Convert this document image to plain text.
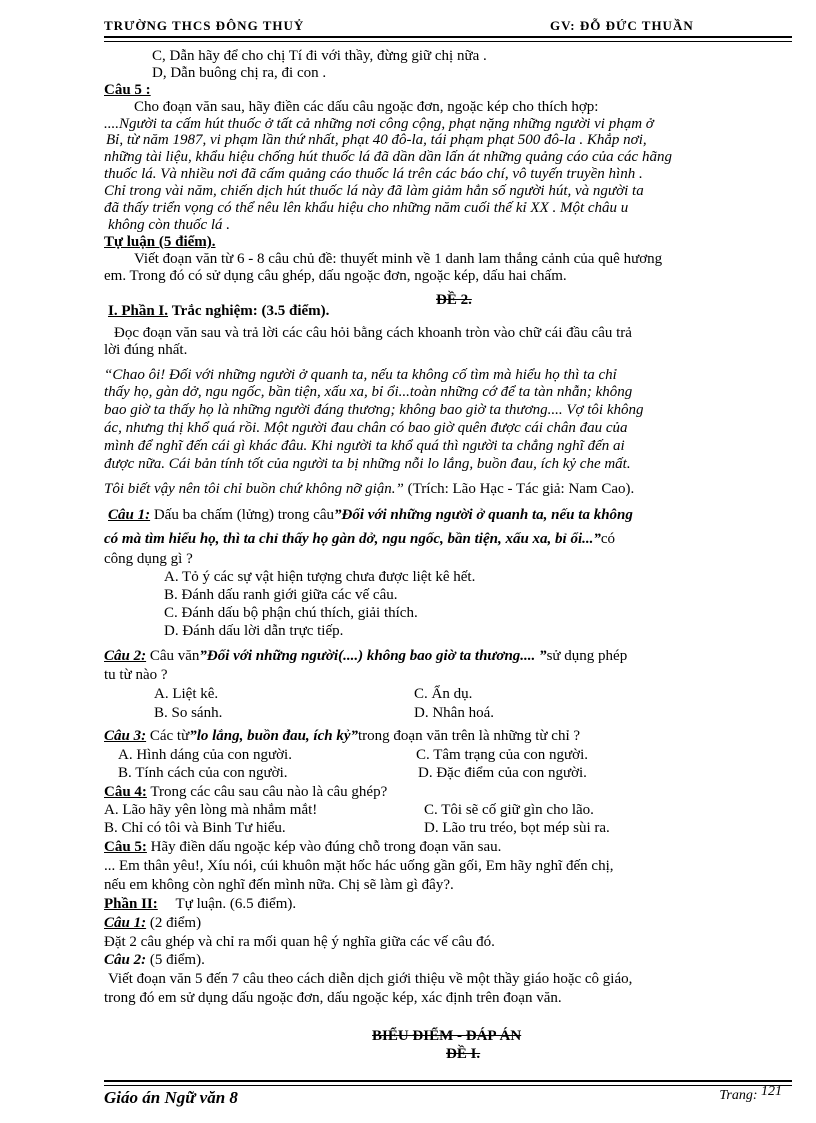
TRƯỜNG THCS ĐÔNG THUỶ	GV: ĐỖ ĐỨC THUẦN
C, Dẫn hãy để cho chị Tí đi với thầy, đừng giữ chị nữa .
D, Dẫn buông chị ra, đi con .
Câu 5 :
Cho đoạn văn sau, hãy điền các dấu câu ngoặc đơn, ngoặc kép cho thích hợp:
....Người ta cấm hút thuốc ở tất cả những nơi công cộng, phạt nặng những người vi phạm ở
Bỉ, từ năm 1987, vi phạm lần thứ nhất, phạt 40 đô-la, tái phạm phạt 500 đô-la . Khắp nơi,
những tài liệu, khẩu hiệu chống hút thuốc lá đã dần dần lấn át những quảng cáo của các hãng
thuốc lá. Và nhiều nơi đã cấm quảng cáo thuốc lá trên các báo chí, vô tuyến truyền hình .
Chỉ trong vài năm, chiến dịch hút thuốc lá này đã làm giảm hẳn số người hút, và người ta
đã thấy triển vọng có thể nêu lên khẩu hiệu cho những năm cuối thế kỉ XX . Một châu u
không còn thuốc lá .
Tự luận (5 điểm).
Viết đoạn văn từ 6 - 8 câu chủ đề: thuyết minh về 1 danh lam thắng cảnh của quê hương
em. Trong đó có sử dụng câu ghép, dấu ngoặc đơn, ngoặc kép, dấu hai chấm.
ĐỀ 2.
I. Phần I. Trắc nghiệm: (3.5 điểm).
Đọc đoạn văn sau và trả lời các câu hỏi bằng cách khoanh tròn vào chữ cái đầu câu trả
lời đúng nhất.
“Chao ôi! Đối với những người ở quanh ta, nếu ta không cố tìm mà hiểu họ thì ta chỉ
thấy họ, gàn dở, ngu ngốc, bần tiện, xấu xa, bỉ ổi...toàn những cớ để ta tàn nhẫn; không
bao giờ ta thấy họ là những người đáng thương; không bao giờ ta thương.... Vợ tôi không
ác, nhưng thị khổ quá rồi. Một người đau chân có bao giờ quên được cái chân đau của
mình để nghĩ đến cái gì khác đâu. Khi người ta khổ quá thì người ta chẳng nghĩ đến ai
được nữa. Cái bản tính tốt của người ta bị những nỗi lo lắng, buồn đau, ích kỷ che mất.
Tôi biết vậy nên tôi chỉ buồn chứ không nỡ giận.” (Trích: Lão Hạc - Tác giả: Nam Cao).
Câu 1: Dấu ba chấm (lửng) trong câu”Đối với những người ở quanh ta, nếu ta không
có mà tìm hiểu họ, thì ta chỉ thấy họ gàn dở, ngu ngốc, bần tiện, xấu xa, bỉ ổi...”có
công dụng gì ?
A. Tỏ ý các sự vật hiện tượng chưa được liệt kê hết.
B. Đánh dấu ranh giới giữa các vế câu.
C. Đánh dấu bộ phận chú thích, giải thích.
D. Đánh dấu lời dẫn trực tiếp.
Câu 2: Câu văn”Đối với những người(....) không bao giờ ta thương.... ”sử dụng phép
tu từ nào ?
A. Liệt kê.	C. Ẩn dụ.
B. So sánh.	D. Nhân hoá.
Câu 3: Các từ”lo lắng, buồn đau, ích kỷ”trong đoạn văn trên là những từ chỉ ?
A. Hình dáng của con người.	C. Tâm trạng của con người.
B. Tính cách của con người.	D. Đặc điểm của con người.
Câu 4: Trong các câu sau câu nào là câu ghép?
A. Lão hãy yên lòng mà nhắm mắt!	C. Tôi sẽ cố giữ gìn cho lão.
B. Chỉ có tôi và Binh Tư hiểu.	D. Lão tru tréo, bọt mép sùi ra.
Câu 5: Hãy điền dấu ngoặc kép vào đúng chỗ trong đoạn văn sau.
... Em thân yêu!, Xíu nói, cúi khuôn mặt hốc hác uống gần gối, Em hãy nghĩ đến chị,
nếu em không còn nghĩ đến mình nữa. Chị sẽ làm gì đây?.
Phần II: Tự luận. (6.5 điểm).
Câu 1: (2 điểm)
Đặt 2 câu ghép và chỉ ra mối quan hệ ý nghĩa giữa các vế câu đó.
Câu 2: (5 điểm).
Viết đoạn văn 5 đến 7 câu theo cách diễn dịch giới thiệu về một thầy giáo hoặc cô giáo,
trong đó em sử dụng dấu ngoặc đơn, dấu ngoặc kép, xác định trên đoạn văn.
BIỂU ĐIỂM - ĐÁP ÁN
ĐỀ I.
Giáo án Ngữ văn 8	Trang: 121
